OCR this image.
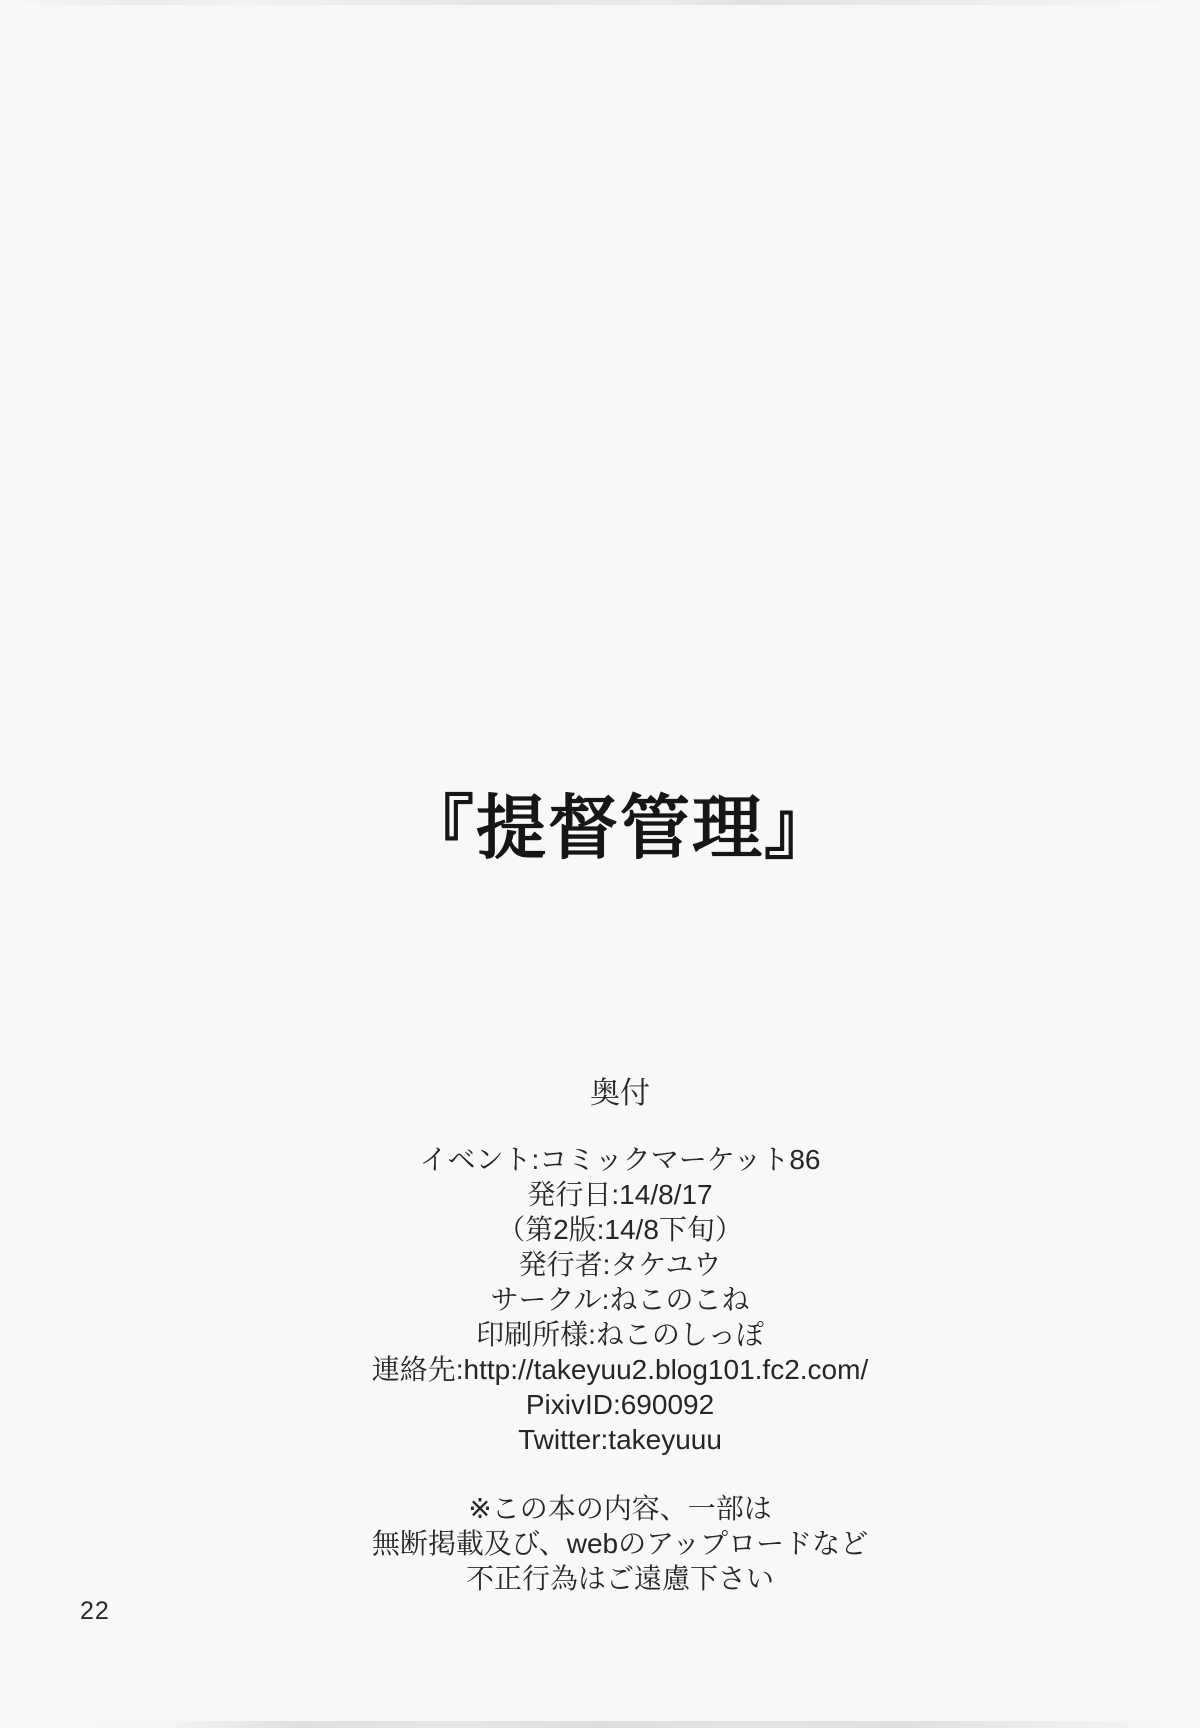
『提督管理』
奥付
イベント:コミックマーケット86
発行日:14/8/17
（第2版:14/8下旬）
発行者:タケユウ
サークル:ねこのこね
印刷所様:ねこのしっぽ
連絡先:http://takeyuu2.blog101.fc2.com/
PixivID:690092
Twitter:takeyuuu
※この本の内容、一部は
無断掲載及び、webのアップロードなど
不正行為はご遠慮下さい
22
